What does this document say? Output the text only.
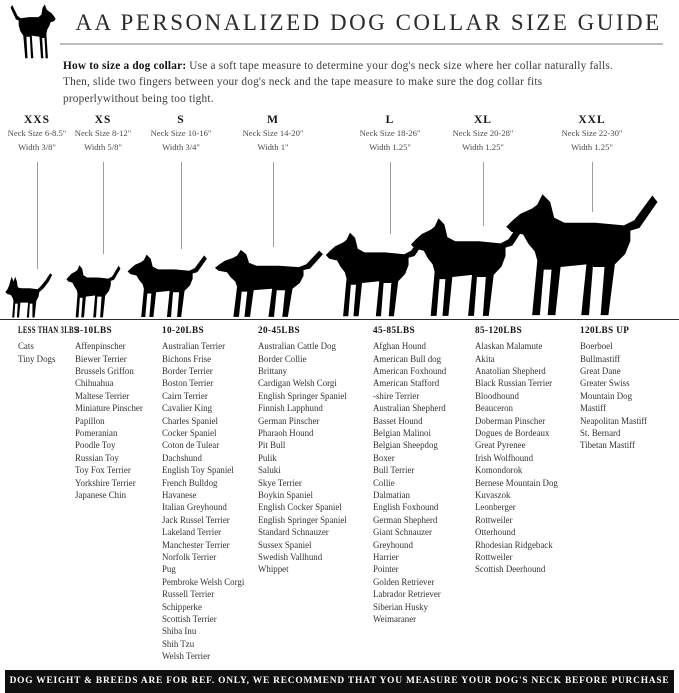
AA PERSONALIZED DOG COLLAR SIZE GUIDE

How to size a dog collar: Use a soft tape measure to determine your dog's neck size where her collar naturally falls. Then, slide two fingers between your dog's neck and the tape measure to make sure the dog collar fits properlywithout being too tight.

XXS
Neck Size 6-8.5"
Width 3/8"
XS
Neck Size 8-12"
Width 5/8"
S
Neck Size 10-16"
Width 3/4"
M
Neck Size 14-20"
Width 1"
L
Neck Size 18-26"
Width 1.25"
XL
Neck Size 20-28"
Width 1.25"
XXL
Neck Size 22-30"
Width 1.25"
LESS THAN 3LBS
Cats
Tiny Dogs
3-10LBS
Affenpinscher
Biewer Terrier
Brussels Griffon
Chihuahua
Maltese Terrier
Miniature Pinscher
Papillon
Pomeranian
Poodle Toy
Russian Toy
Toy Fox Terrier
Yorkshire Terrier
Japanese Chin
10-20LBS
Australian Terrier
Bichons Frise
Border Terrier
Boston Terrier
Cairn Terrier
Cavalier King
Charles Spaniel
Cocker Spaniel
Coton de Tulear
Dachshund
English Toy Spaniel
French Bulldog
Havanese
Italian Greyhound
Jack Russel Terrier
Lakeland Terrier
Manchester Terrier
Norfolk Terrier
Pug
Pembroke Welsh Corgi
Russell Terrier
Schipperke
Scottish Terrier
Shiba Inu
Shih Tzu
Welsh Terrier
20-45LBS
Australian Cattle Dog
Border Collie
Brittany
Cardigan Welsh Corgi
English Springer Spaniel
Finnish Lapphund
German Pinscher
Pharaoh Hound
Pit Bull
Pulik
Saluki
Skye Terrier
Boykin Spaniel
English Cocker Spaniel
English Springer Spaniel
Standard Schnauzer
Sussex Spaniel
Swedish Vallhund
Whippet
45-85LBS
Afghan Hound
American Bull dog
American Foxhound
American Stafford
-shire Terrier
Australian Shepherd
Basset Hound
Belgian Malinoi
Belgian Sheepdog
Boxer
Bull Terrier
Collie
Dalmatian
English Foxhound
German Shepherd
Giant Schnauzer
Greyhound
Harrier
Pointer
Golden Retriever
Labrador Retriever
Siberian Husky
Weimaraner
85-120LBS
Alaskan Malamute
Akita
Anatolian Shepherd
Black Russian Terrier
Bloodhound
Beauceron
Doberman Pinscher
Dogues de Bordeaux
Great Pyrenee
Irish Wolfhound
Komondorok
Bernese Mountain Dog
Kuvaszok
Leonberger
Rottweiler
Otterhound
Rhodesian Ridgeback
Rottweiler
Scottish Deerhound
120LBS UP
Boerboel
Bullmastiff
Great Dane
Greater Swiss
Mountain Dog
Mastiff
Neapolitan Mastiff
St. Bernard
Tibetan Mastiff
DOG WEIGHT & BREEDS ARE FOR REF. ONLY, WE RECOMMEND THAT YOU MEASURE YOUR DOG'S NECK BEFORE PURCHASE
